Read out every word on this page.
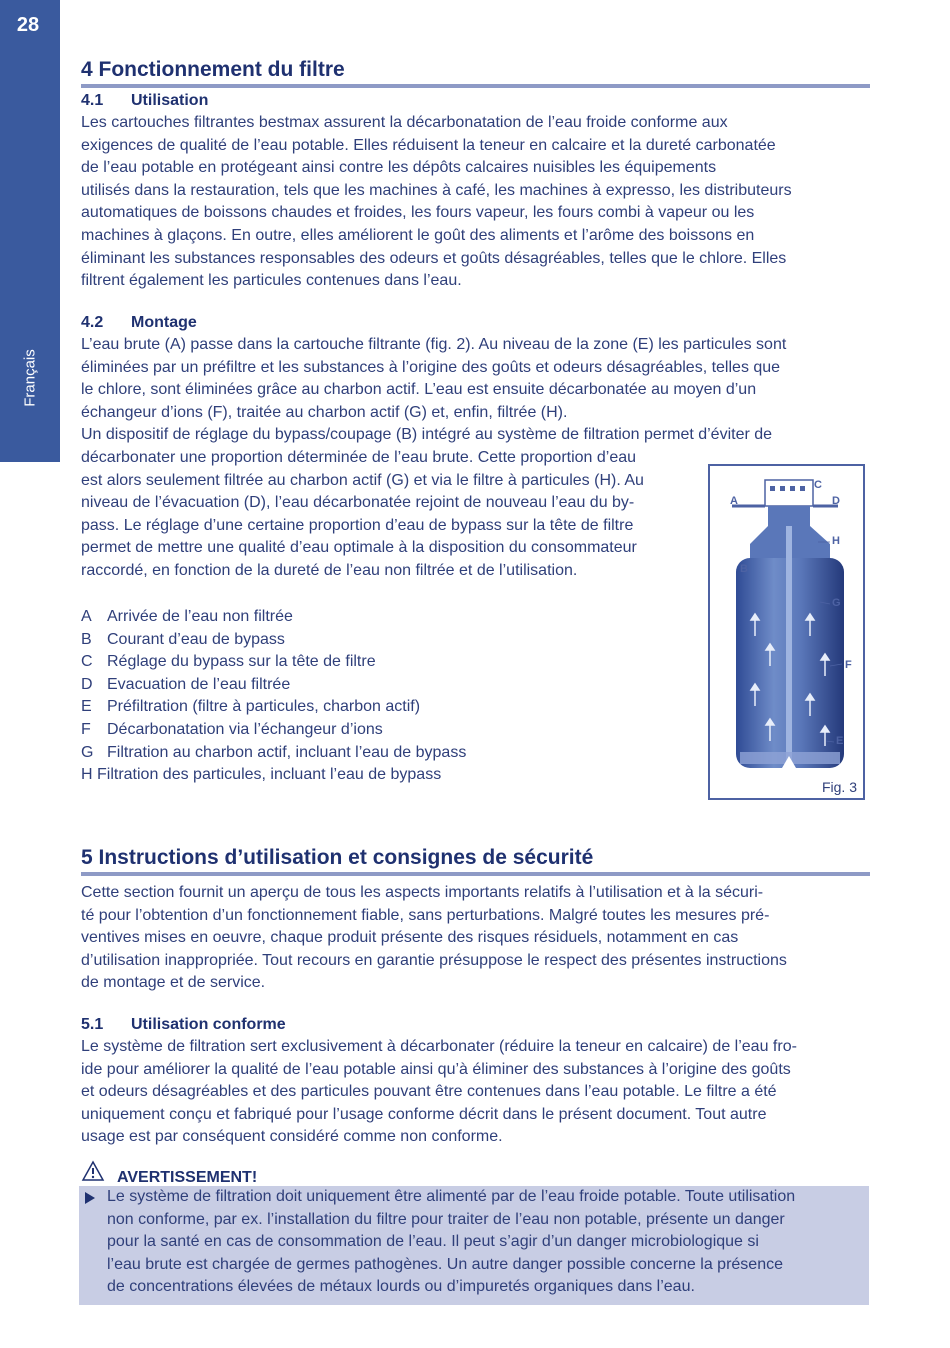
28
Français
4 Fonctionnement du filtre
4.1 Utilisation
Les cartouches filtrantes bestmax assurent la décarbonatation de l’eau froide conforme aux
exigences de qualité de l’eau potable. Elles réduisent la teneur en calcaire et la dureté carbonatée
de l’eau potable en protégeant ainsi contre les dépôts calcaires nuisibles les équipements
utilisés dans la restauration, tels que les machines à café, les machines à expresso, les distributeurs
automatiques de boissons chaudes et froides, les fours vapeur, les fours combi à vapeur ou les
machines à glaçons. En outre, elles améliorent le goût des aliments et l’arôme des boissons en
éliminant les substances responsables des odeurs et goûts désagréables, telles que le chlore. Elles
filtrent également les particules contenues dans l’eau.
4.2 Montage
L’eau brute (A) passe dans la cartouche filtrante (fig. 2). Au niveau de la zone (E) les particules sont
éliminées par un préfiltre et les substances à l’origine des goûts et odeurs désagréables, telles que
le chlore, sont éliminées grâce au charbon actif. L’eau est ensuite décarbonatée au moyen d’un
échangeur d’ions (F), traitée au charbon actif (G) et, enfin, filtrée (H).
Un dispositif de réglage du bypass/coupage (B) intégré au système de filtration permet d’éviter de
décarbonater une proportion déterminée de l’eau brute. Cette proportion d’eau
est alors seulement filtrée au charbon actif (G) et via le filtre à particules (H). Au
niveau de l’évacuation (D), l’eau décarbonatée rejoint de nouveau l’eau du by-
pass. Le réglage d’une certaine proportion d’eau de bypass sur la tête de filtre
permet de mettre une qualité d’eau optimale à la disposition du consommateur
raccordé, en fonction de la dureté de l’eau non filtrée et de l’utilisation.
A Arrivée de l’eau non filtrée
B Courant d’eau de bypass
C Réglage du bypass sur la tête de filtre
D Evacuation de l’eau filtrée
E Préfiltration (filtre à particules, charbon actif)
F Décarbonatation via l’échangeur d’ions
G Filtration au charbon actif, incluant l’eau de bypass
H Filtration des particules, incluant l’eau de bypass
A
C
D
H
B
G
F
E
Fig. 3
5 Instructions d’utilisation et consignes de sécurité
Cette section fournit un aperçu de tous les aspects importants relatifs à l’utilisation et à la sécuri-
té pour l’obtention d’un fonctionnement fiable, sans perturbations. Malgré toutes les mesures pré-
ventives mises en oeuvre, chaque produit présente des risques résiduels, notamment en cas
d’utilisation inappropriée. Tout recours en garantie présuppose le respect des présentes instructions
de montage et de service.
5.1 Utilisation conforme
Le système de filtration sert exclusivement à décarbonater (réduire la teneur en calcaire) de l’eau fro-
ide pour améliorer la qualité de l’eau potable ainsi qu’à éliminer des substances à l’origine des goûts
et odeurs désagréables et des particules pouvant être contenues dans l’eau potable. Le filtre a été
uniquement conçu et fabriqué pour l’usage conforme décrit dans le présent document. Tout autre
usage est par conséquent considéré comme non conforme.
AVERTISSEMENT!
Le système de filtration doit uniquement être alimenté par de l’eau froide potable. Toute utilisation
non conforme, par ex. l’installation du filtre pour traiter de l’eau non potable, présente un danger
pour la santé en cas de consommation de l’eau. Il peut s’agir d’un danger microbiologique si
l’eau brute est chargée de germes pathogènes. Un autre danger possible concerne la présence
de concentrations élevées de métaux lourds ou d’impuretés organiques dans l’eau.
